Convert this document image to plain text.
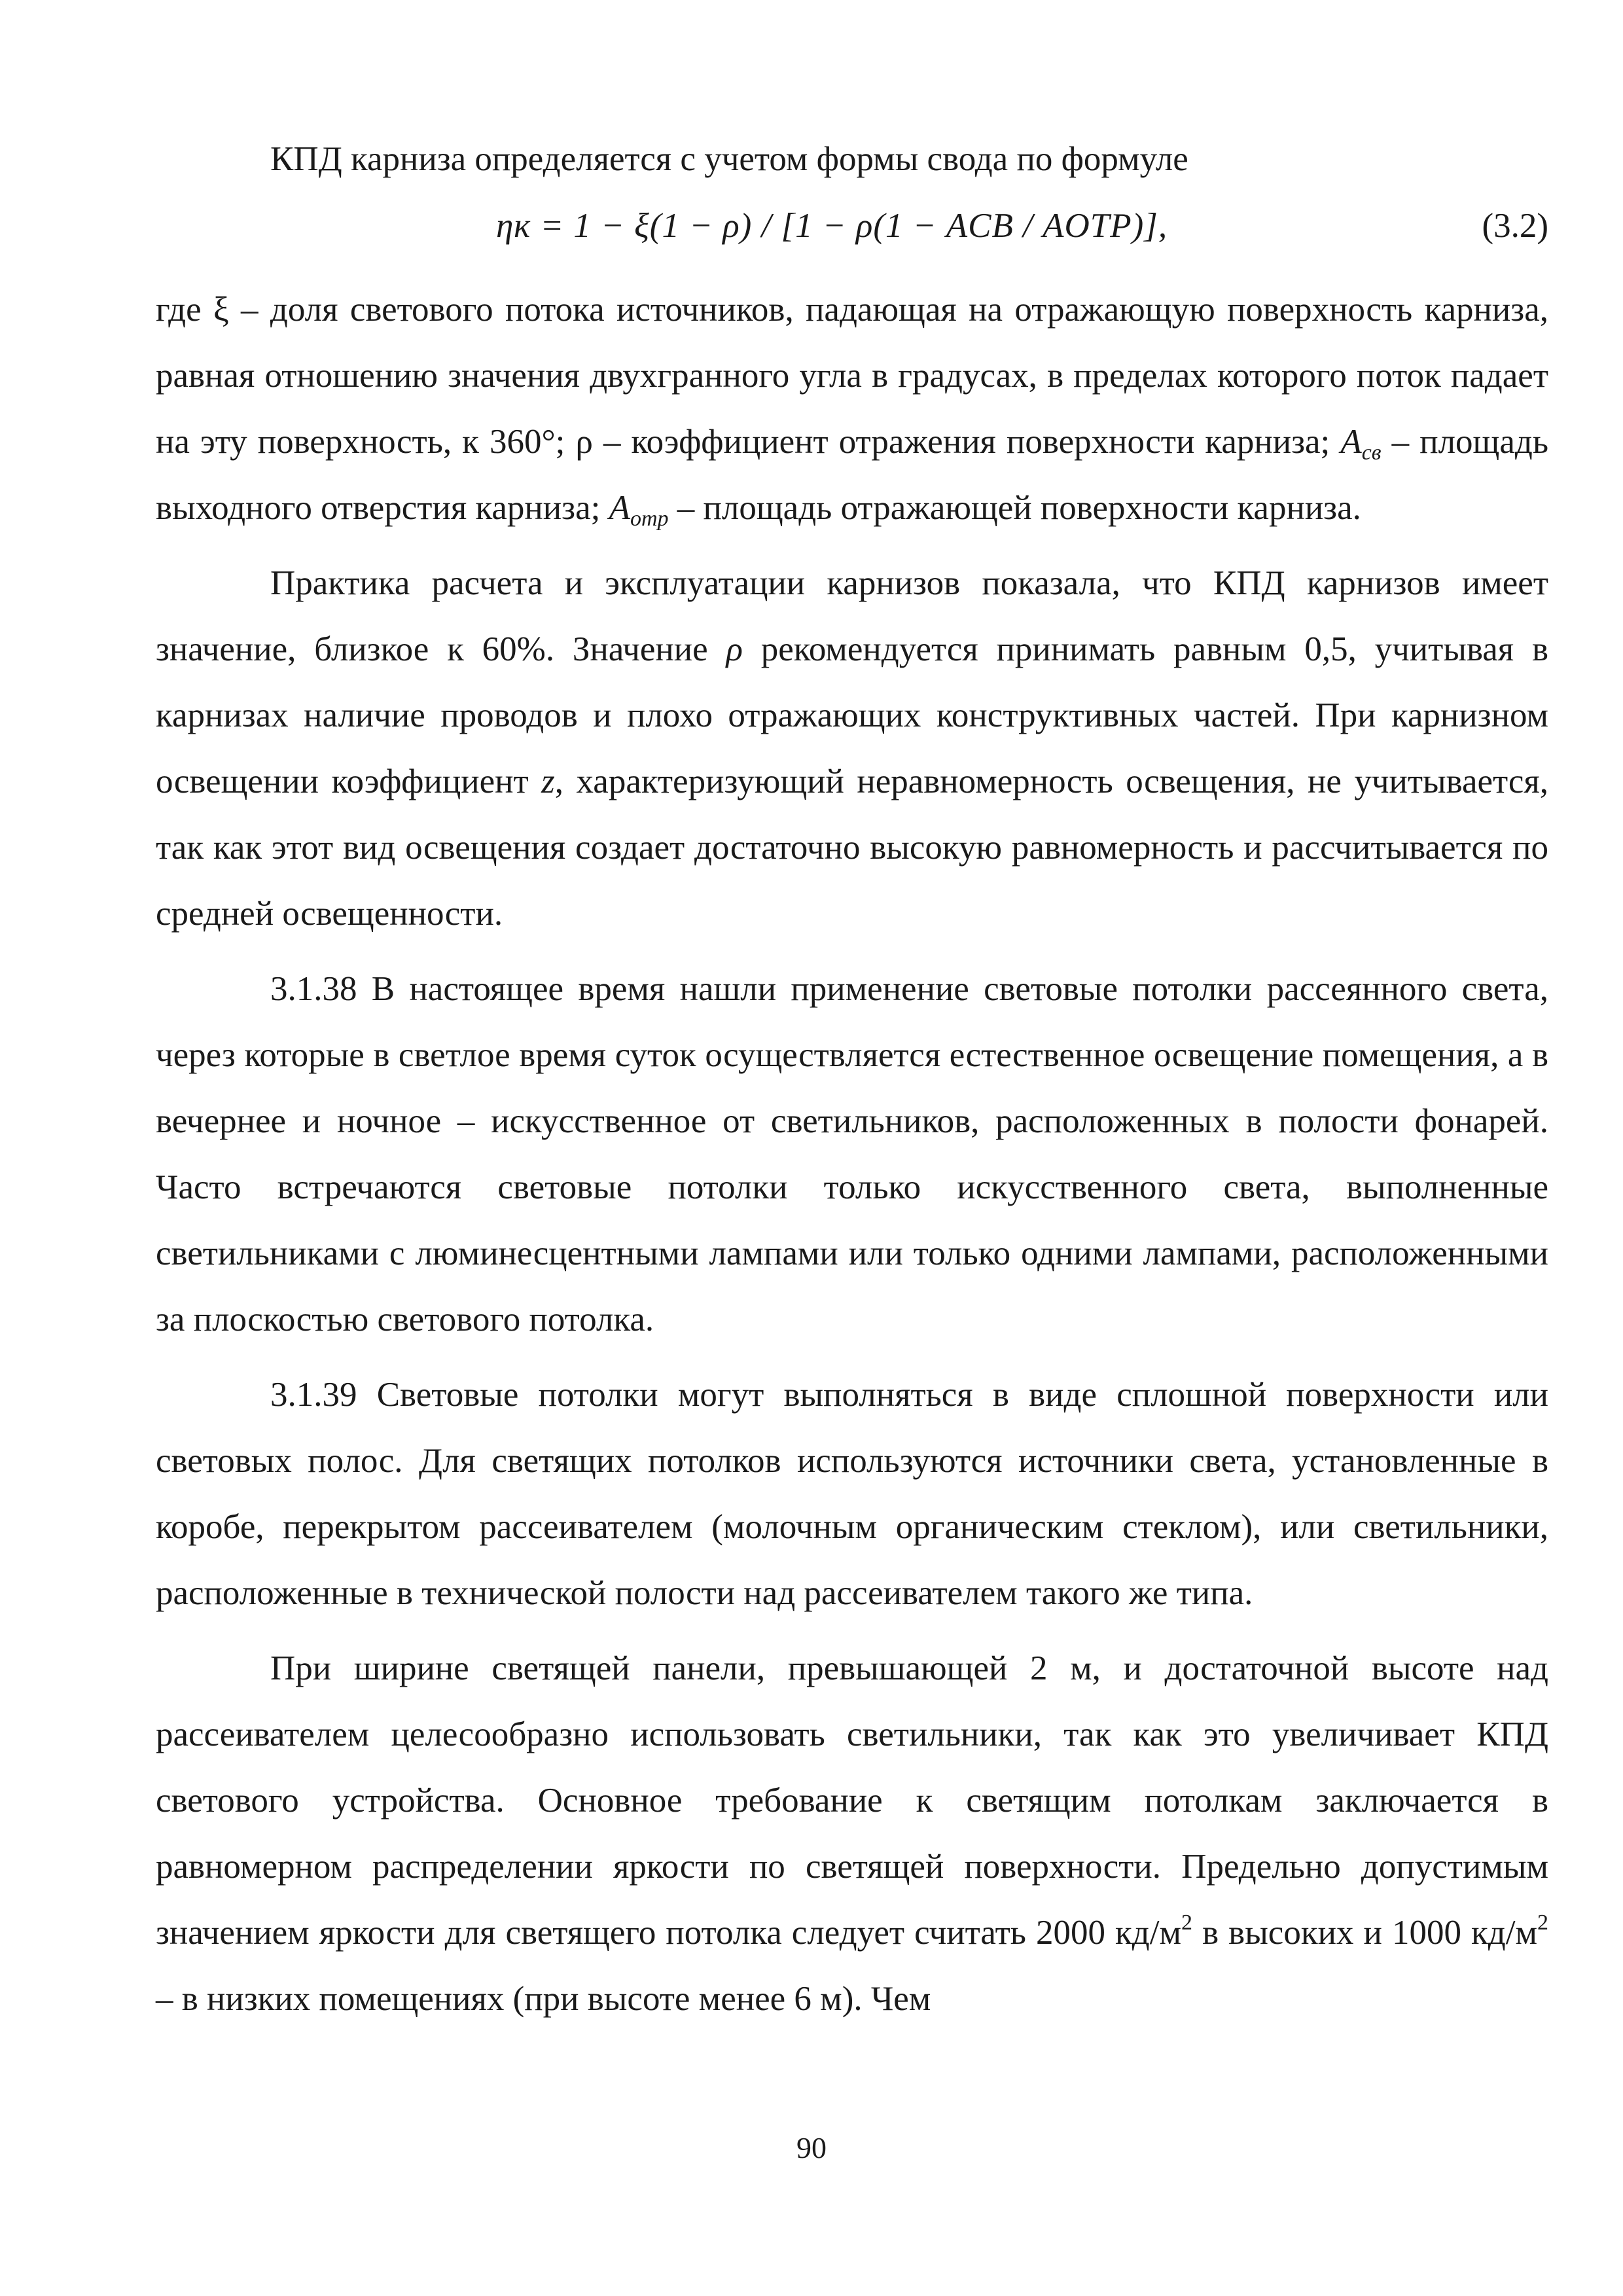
КПД карниза определяется с учетом формы свода по формуле

ηк = 1 − ξ(1 − ρ) / [1 − ρ(1 − AСВ / AОТР)],	(3.2)

где ξ – доля светового потока источников, падающая на отражающую поверхность карниза, равная отношению значения двухгранного угла в градусах, в пределах которого поток падает на эту поверхность, к 360°; ρ – коэффициент отражения поверхности карниза; $A_{св}$ – площадь выходного отверстия карниза; $A_{отр}$ – площадь отражающей поверхности карниза.

Практика расчета и эксплуатации карнизов показала, что КПД карнизов имеет значение, близкое к 60%. Значение ρ рекомендуется принимать равным 0,5, учитывая в карнизах наличие проводов и плохо отражающих конструктивных частей. При карнизном освещении коэффициент z, характеризующий неравномерность освещения, не учитывается, так как этот вид освещения создает достаточно высокую равномерность и рассчитывается по средней освещенности.

3.1.38 В настоящее время нашли применение световые потолки рассеянного света, через которые в светлое время суток осуществляется естественное освещение помещения, а в вечернее и ночное – искусственное от светильников, расположенных в полости фонарей. Часто встречаются световые потолки только искусственного света, выполненные светильниками с люминесцентными лампами или только одними лампами, расположенными за плоскостью светового потолка.

3.1.39 Световые потолки могут выполняться в виде сплошной поверхности или световых полос. Для светящих потолков используются источники света, установленные в коробе, перекрытом рассеивателем (молочным органическим стеклом), или светильники, расположенные в технической полости над рассеивателем такого же типа.

При ширине светящей панели, превышающей 2 м, и достаточной высоте над рассеивателем целесообразно использовать светильники, так как это увеличивает КПД светового устройства. Основное требование к светящим потолкам заключается в равномерном распределении яркости по светящей поверхности. Предельно допустимым значением яркости для светящего потолка следует считать 2000 $кд/м^2$ в высоких и 1000 $кд/м^2$ – в низких помещениях (при высоте менее 6 м). Чем

90
